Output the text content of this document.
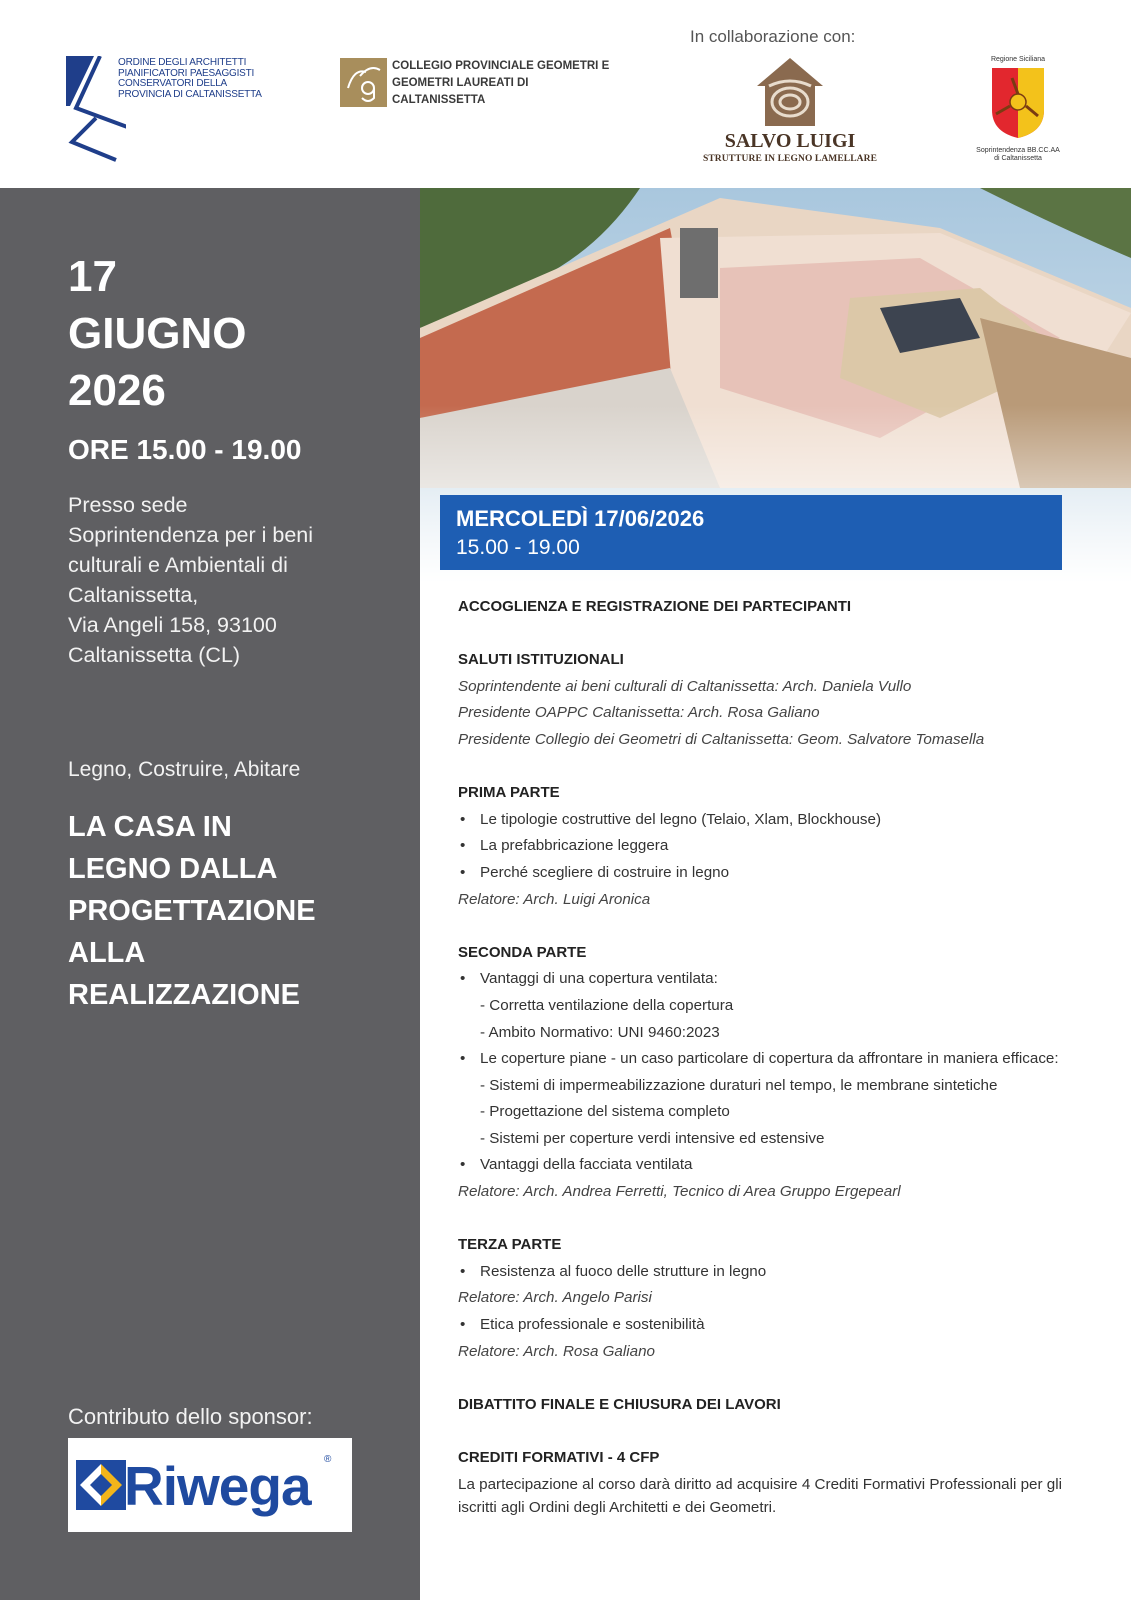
ORDINE DEGLI ARCHITETTI
PIANIFICATORI PAESAGGISTI
CONSERVATORI DELLA
PROVINCIA DI CALTANISSETTA
COLLEGIO PROVINCIALE GEOMETRI E
GEOMETRI LAUREATI DI
CALTANISSETTA
In collaborazione con:
SALVO LUIGI
STRUTTURE IN LEGNO LAMELLARE
Regione Siciliana
Soprintendenza BB.CC.AA
di Caltanissetta
17
GIUGNO
2026
ORE 15.00 - 19.00
Presso sede
Soprintendenza per i beni
culturali e Ambientali di
Caltanissetta,
Via Angeli 158, 93100
Caltanissetta (CL)
Legno, Costruire, Abitare
LA CASA IN
LEGNO DALLA
PROGETTAZIONE
ALLA
REALIZZAZIONE
Contributo dello sponsor:
Riwega ®
MERCOLEDÌ 17/06/2026
15.00 - 19.00
ACCOGLIENZA E REGISTRAZIONE DEI PARTECIPANTI
SALUTI ISTITUZIONALI
Soprintendente ai beni culturali di Caltanissetta: Arch. Daniela Vullo
Presidente OAPPC Caltanissetta: Arch. Rosa Galiano
Presidente Collegio dei Geometri di Caltanissetta: Geom. Salvatore Tomasella
PRIMA PARTE
• Le tipologie costruttive del legno (Telaio, Xlam, Blockhouse)
• La prefabbricazione leggera
• Perché scegliere di costruire in legno
Relatore: Arch. Luigi Aronica
SECONDA PARTE
• Vantaggi di una copertura ventilata:
- Corretta ventilazione della copertura
- Ambito Normativo: UNI 9460:2023
• Le coperture piane - un caso particolare di copertura da affrontare in maniera efficace:
- Sistemi di impermeabilizzazione duraturi nel tempo, le membrane sintetiche
- Progettazione del sistema completo
- Sistemi per coperture verdi intensive ed estensive
• Vantaggi della facciata ventilata
Relatore: Arch. Andrea Ferretti, Tecnico di Area Gruppo Ergepearl
TERZA PARTE
• Resistenza al fuoco delle strutture in legno
Relatore: Arch. Angelo Parisi
• Etica professionale e sostenibilità
Relatore: Arch. Rosa Galiano
DIBATTITO FINALE E CHIUSURA DEI LAVORI
CREDITI FORMATIVI - 4 CFP
La partecipazione al corso darà diritto ad acquisire 4 Crediti Formativi Professionali per gli iscritti agli Ordini degli Architetti e dei Geometri.
